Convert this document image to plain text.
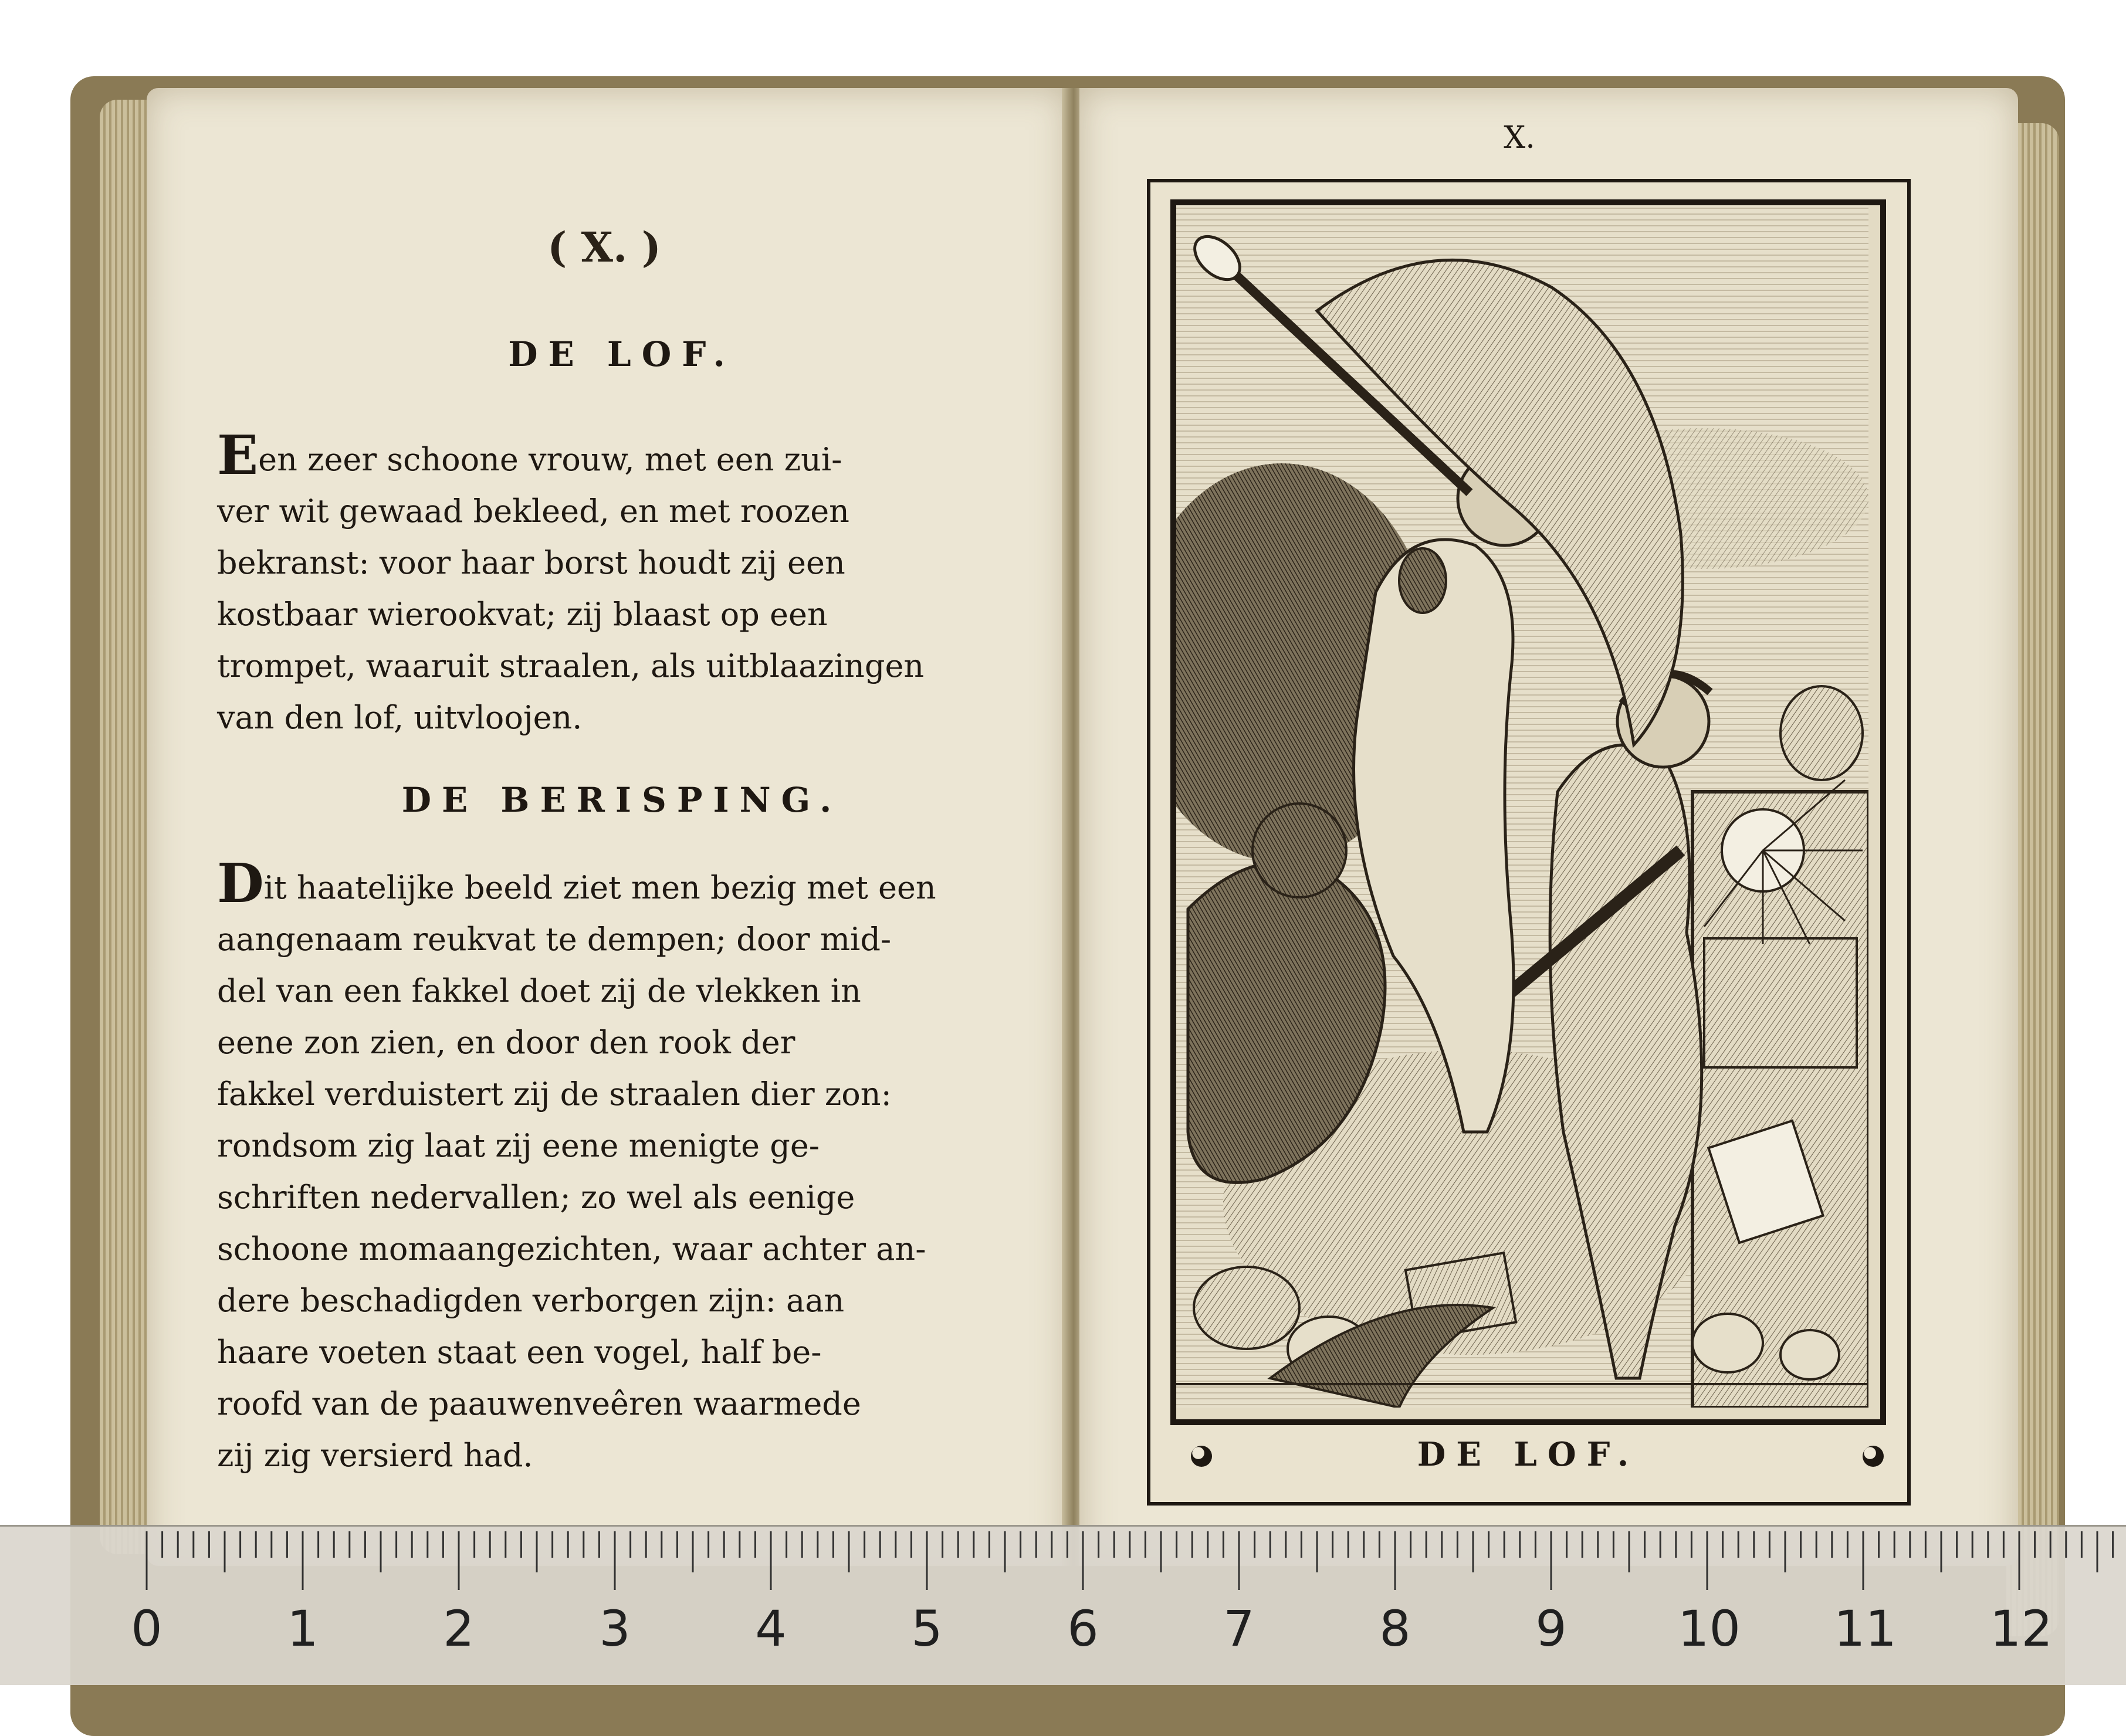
( X. )
DE LOF.
Een zeer schoone vrouw, met een zui-
ver wit gewaad bekleed, en met roozen
bekranst: voor haar borst houdt zij een
kostbaar wierookvat; zij blaast op een
trompet, waaruit straalen, als uitblaazingen
van den lof, uitvloojen.
DE BERISPING.
Dit haatelijke beeld ziet men bezig met een
aangenaam reukvat te dempen; door mid-
del van een fakkel doet zij de vlekken in
eene zon zien, en door den rook der
fakkel verduistert zij de straalen dier zon:
rondsom zig laat zij eene menigte ge-
schriften nedervallen; zo wel als eenige
schoone momaangezichten, waar achter an-
dere beschadigden verborgen zijn: aan
haare voeten staat een vogel, half be-
roofd van de paauwenveêren waarmede
zij zig versierd had.
X.
DE LOF.
0	1	2	3	4	5	6	7	8	9 10 11 12
